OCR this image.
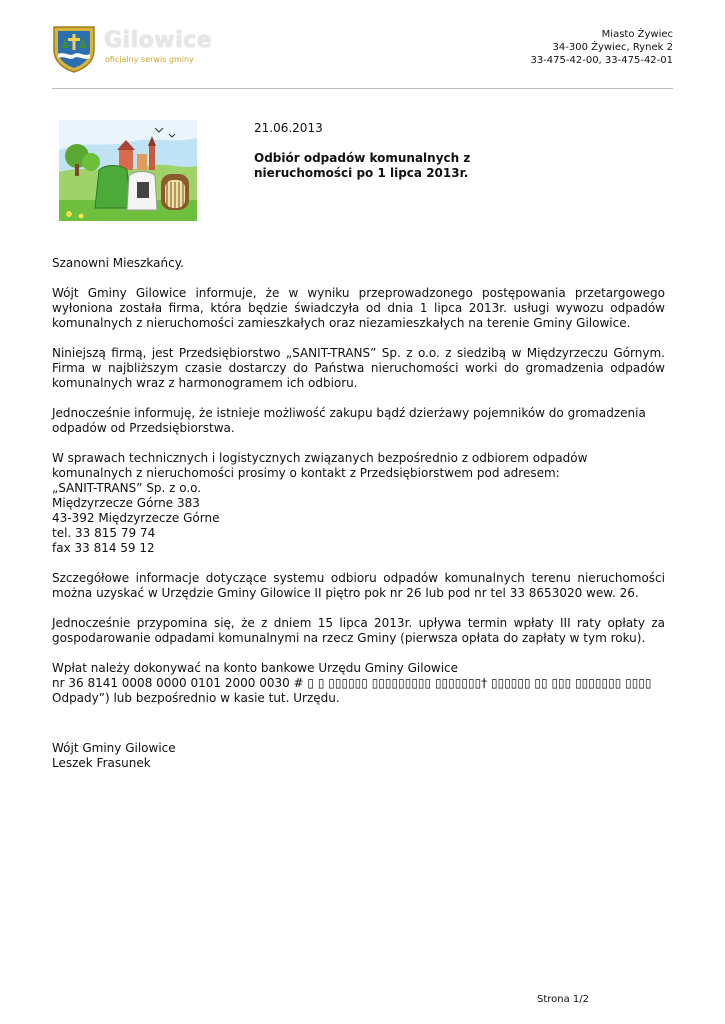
Gilowice
oficjalny serwis gminy
Miasto Żywiec
34-300 Żywiec, Rynek 2
33-475-42-00, 33-475-42-01
21.06.2013
Odbiór odpadów komunalnych z nieruchomości po 1 lipca 2013r.

Szanowni Mieszkańcy.

Wójt Gminy Gilowice informuje, że w wyniku przeprowadzonego postępowania przetargowego wyłoniona została firma, która będzie świadczyła od dnia 1 lipca 2013r. usługi wywozu odpadów komunalnych z nieruchomości zamieszkałych oraz niezamieszkałych na terenie Gminy Gilowice.

Niniejszą firmą, jest Przedsiębiorstwo „SANIT-TRANS” Sp. z o.o. z siedzibą w Międzyrzeczu Górnym. Firma w najbliższym czasie dostarczy do Państwa nieruchomości worki do gromadzenia odpadów komunalnych wraz z harmonogramem ich odbioru.

Jednocześnie informuję, że istnieje możliwość zakupu bądź dzierżawy pojemników do gromadzenia odpadów od Przedsiębiorstwa.

W sprawach technicznych i logistycznych związanych bezpośrednio z odbiorem odpadów komunalnych z nieruchomości prosimy o kontakt z Przedsiębiorstwem pod adresem:
„SANIT-TRANS” Sp. z o.o.
Międzyrzecze Górne 383
43-392 Międzyrzecze Górne
tel. 33 815 79 74
fax 33 814 59 12

Szczegółowe informacje dotyczące systemu odbioru odpadów komunalnych terenu nieruchomości można uzyskać w Urzędzie Gminy Gilowice II piętro pok nr 26 lub pod nr tel 33 8653020 wew. 26.

Jednocześnie przypomina się, że z dniem 15 lipca 2013r. upływa termin wpłaty III raty opłaty za gospodarowanie odpadami komunalnymi na rzecz Gminy (pierwsza opłata do zapłaty w tym roku).

Wpłat należy dokonywać na konto bankowe Urzędu Gminy Gilowice
nr 36 8141 0008 0000 0101 2000 0030 # ▯ ▯ ▯▯▯▯▯▯ ▯▯▯▯▯▯▯▯▯ ▯▯▯▯▯▯▯† ▯▯▯▯▯▯ ▯▯ ▯▯▯ ▯▯▯▯▯▯▯ ▯▯▯▯
Odpady”) lub bezpośrednio w kasie tut. Urzędu.

Wójt Gminy Gilowice
Leszek Frasunek
Strona 1/2
